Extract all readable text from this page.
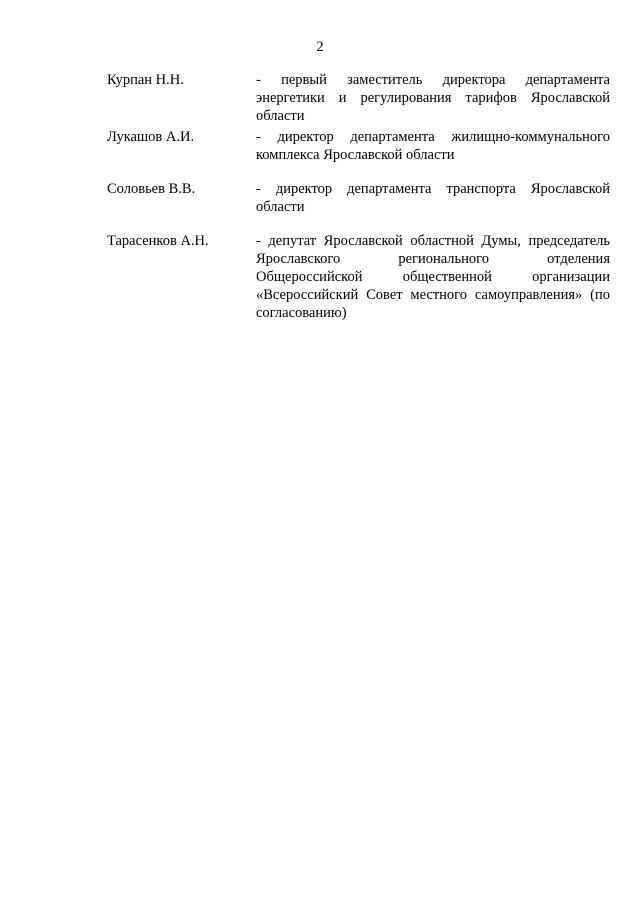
2
Курпан Н.Н.	- первый заместитель директора департамента энергетики и регулирования тарифов Ярославской области
Лукашов А.И.	- директор департамента жилищно-коммунального комплекса Ярославской области
Соловьев В.В.	- директор департамента транспорта Ярославской области
Тарасенков А.Н.	- депутат Ярославской областной Думы, председатель Ярославского регионального отделения Общероссийской общественной организации «Всероссийский Совет местного самоуправления» (по согласованию)
